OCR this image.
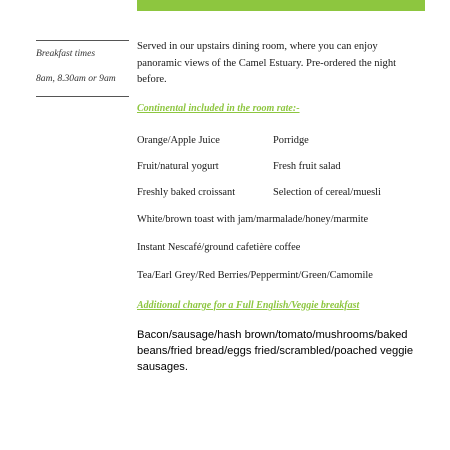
Breakfast times
8am, 8.30am or 9am
Served in our upstairs dining room, where you can enjoy panoramic views of the Camel Estuary. Pre-ordered the night before.
Continental included in the room rate:-
Orange/Apple Juice	Porridge
Fruit/natural yogurt	Fresh fruit salad
Freshly baked croissant	Selection of cereal/muesli
White/brown toast with jam/marmalade/honey/marmite
Instant Nescafé/ground cafetière coffee
Tea/Earl Grey/Red Berries/Peppermint/Green/Camomile
Additional charge for a Full English/Veggie breakfast
Bacon/sausage/hash brown/tomato/mushrooms/baked beans/fried bread/eggs fried/scrambled/poached veggie sausages.
